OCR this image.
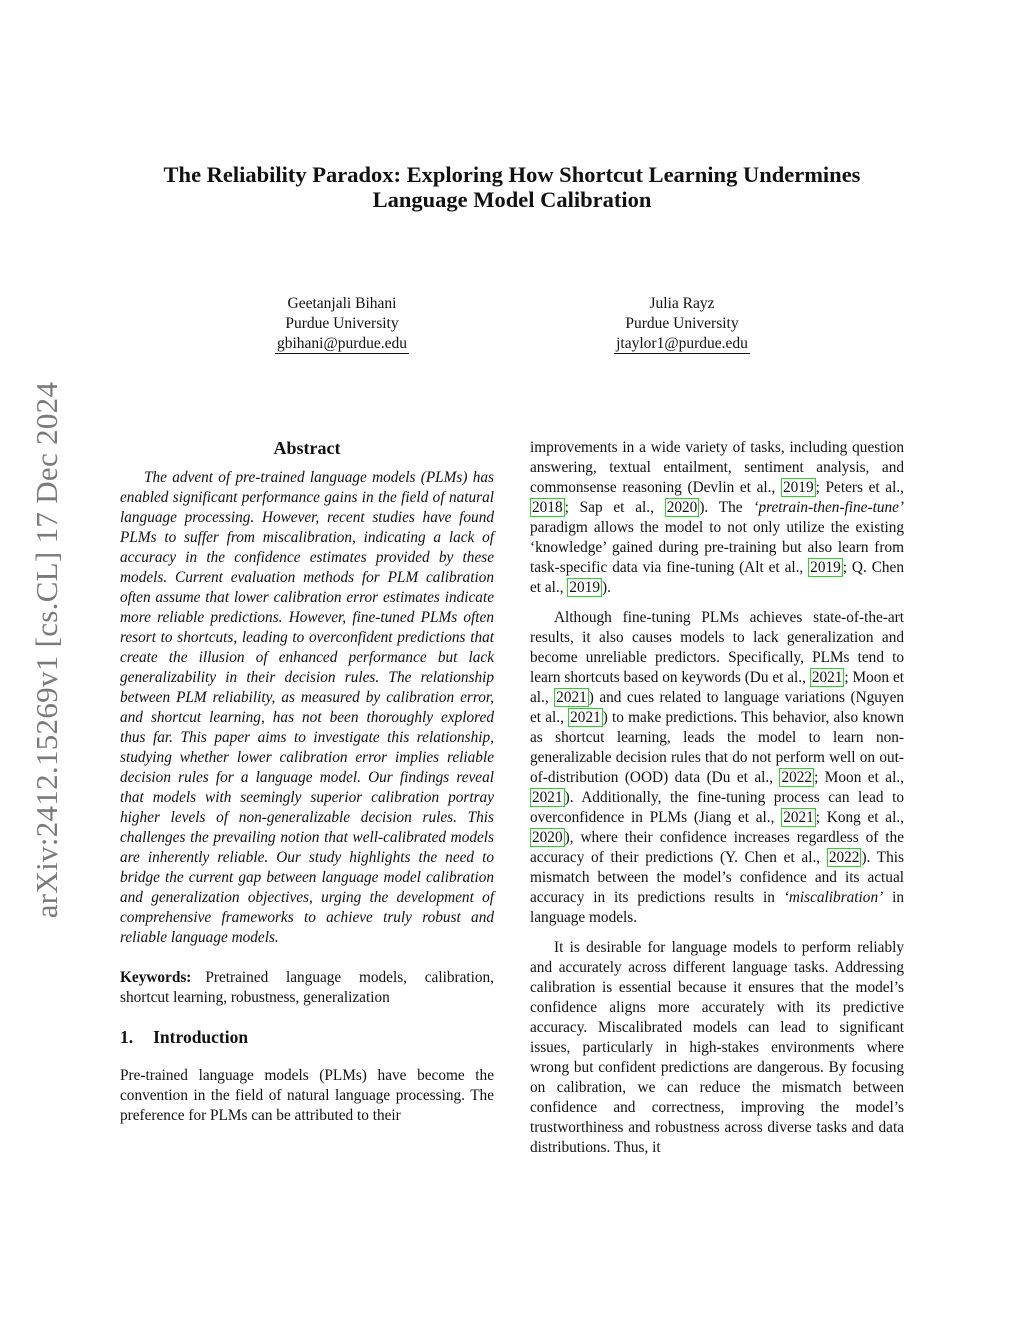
arXiv:2412.15269v1 [cs.CL] 17 Dec 2024
The Reliability Paradox: Exploring How Shortcut Learning Undermines
Language Model Calibration
Geetanjali Bihani
Purdue University
gbihani@purdue.edu
Julia Rayz
Purdue University
jtaylor1@purdue.edu
Abstract

The advent of pre-trained language models (PLMs) has enabled significant performance gains in the field of natural language processing. However, recent studies have found PLMs to suffer from miscalibration, indicating a lack of accuracy in the confidence estimates provided by these models. Current evaluation methods for PLM calibration often assume that lower calibration error estimates indicate more reliable predictions. However, fine-tuned PLMs often resort to shortcuts, leading to overconfident predictions that create the illusion of enhanced performance but lack generalizability in their decision rules. The relationship between PLM reliability, as measured by calibration error, and shortcut learning, has not been thoroughly explored thus far. This paper aims to investigate this relationship, studying whether lower calibration error implies reliable decision rules for a language model. Our findings reveal that models with seemingly superior calibration portray higher levels of non-generalizable decision rules. This challenges the prevailing notion that well-calibrated models are inherently reliable. Our study highlights the need to bridge the current gap between language model calibration and generalization objectives, urging the development of comprehensive frameworks to achieve truly robust and reliable language models.

Keywords: Pretrained language models, calibration, shortcut learning, robustness, generalization

1. Introduction

Pre-trained language models (PLMs) have become the convention in the field of natural language processing. The preference for PLMs can be attributed to their

improvements in a wide variety of tasks, including question answering, textual entailment, sentiment analysis, and commonsense reasoning (Devlin et al., 2019 ; Peters et al., 2018 ; Sap et al., 2020 ). The ‘pretrain-then-fine-tune’ paradigm allows the model to not only utilize the existing ‘knowledge’ gained during pre-training but also learn from task-specific data via fine-tuning (Alt et al., 2019 ; Q. Chen et al., 2019 ).

Although fine-tuning PLMs achieves state-of-the-art results, it also causes models to lack generalization and become unreliable predictors. Specifically, PLMs tend to learn shortcuts based on keywords (Du et al., 2021 ; Moon et al., 2021 ) and cues related to language variations (Nguyen et al., 2021 ) to make predictions. This behavior, also known as shortcut learning, leads the model to learn non-generalizable decision rules that do not perform well on out-of-distribution (OOD) data (Du et al., 2022 ; Moon et al., 2021 ). Additionally, the fine-tuning process can lead to overconfidence in PLMs (Jiang et al., 2021 ; Kong et al., 2020 ), where their confidence increases regardless of the accuracy of their predictions (Y. Chen et al., 2022 ). This mismatch between the model’s confidence and its actual accuracy in its predictions results in ‘miscalibration’ in language models.

It is desirable for language models to perform reliably and accurately across different language tasks. Addressing calibration is essential because it ensures that the model’s confidence aligns more accurately with its predictive accuracy. Miscalibrated models can lead to significant issues, particularly in high-stakes environments where wrong but confident predictions are dangerous. By focusing on calibration, we can reduce the mismatch between confidence and correctness, improving the model’s trustworthiness and robustness across diverse tasks and data distributions. Thus, it
